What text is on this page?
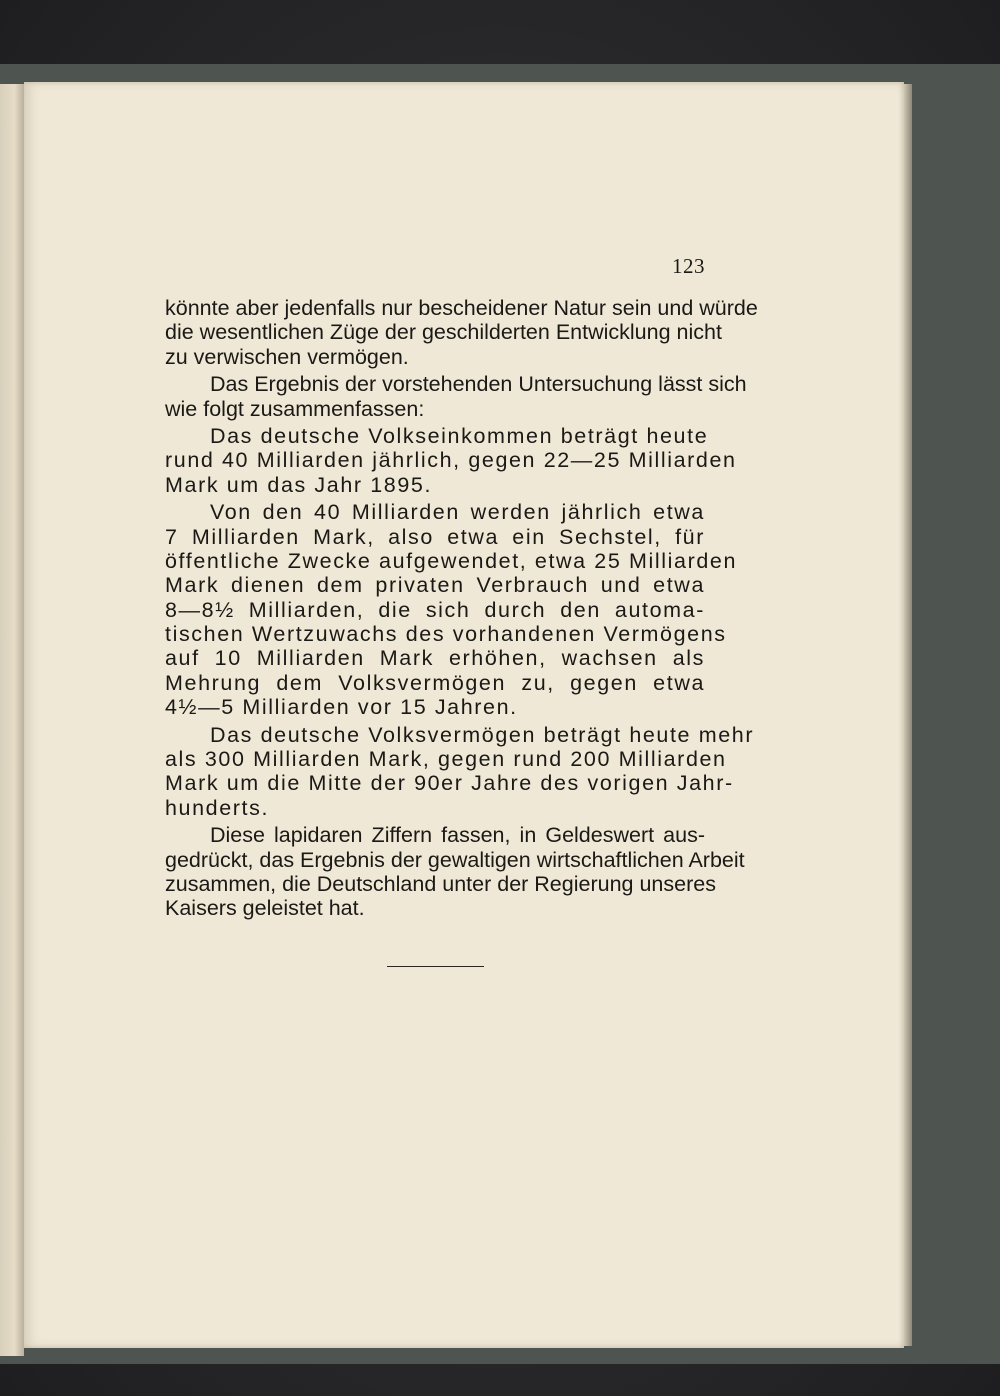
123
könnte aber jedenfalls nur bescheidener Natur sein und würde
die wesentlichen Züge der geschilderten Entwicklung nicht
zu verwischen vermögen.
Das Ergebnis der vorstehenden Untersuchung lässt sich
wie folgt zusammenfassen:
Das deutsche Volkseinkommen beträgt heute
rund 40 Milliarden jährlich, gegen 22—25 Milliarden
Mark um das Jahr 1895.
Von den 40 Milliarden werden jährlich etwa
7 Milliarden Mark, also etwa ein Sechstel, für
öffentliche Zwecke aufgewendet, etwa 25 Milliarden
Mark dienen dem privaten Verbrauch und etwa
8—8½ Milliarden, die sich durch den automa-
tischen Wertzuwachs des vorhandenen Vermögens
auf 10 Milliarden Mark erhöhen, wachsen als
Mehrung dem Volksvermögen zu, gegen etwa
4½—5 Milliarden vor 15 Jahren.
Das deutsche Volksvermögen beträgt heute mehr
als 300 Milliarden Mark, gegen rund 200 Milliarden
Mark um die Mitte der 90er Jahre des vorigen Jahr-
hunderts.
Diese lapidaren Ziffern fassen, in Geldeswert aus-
gedrückt, das Ergebnis der gewaltigen wirtschaftlichen Arbeit
zusammen, die Deutschland unter der Regierung unseres
Kaisers geleistet hat.
